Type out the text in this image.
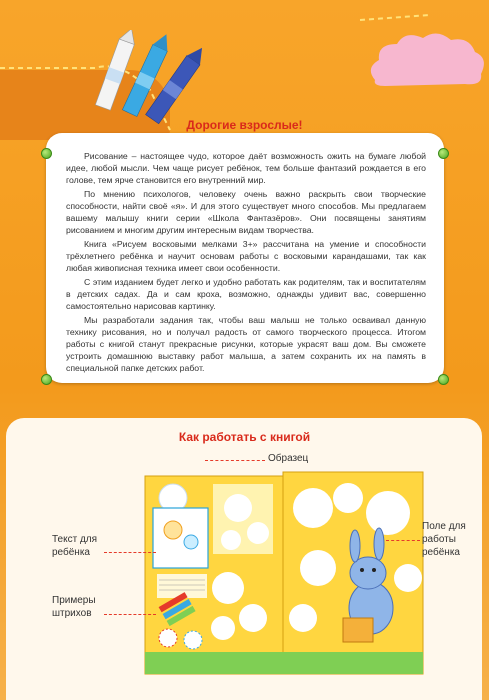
Дорогие взрослые!

Рисование – настоящее чудо, которое даёт возможность ожить на бумаге любой идее, любой мысли. Чем чаще рисует ребёнок, тем больше фантазий рождается в его голове, тем ярче становится его внутренний мир.

По мнению психологов, человеку очень важно раскрыть свои творческие способности, найти своё «я». И для этого существует много способов. Мы предлагаем вашему малышу книги серии «Школа Фантазёров». Они посвящены занятиям рисованием и многим другим интересным видам творчества.

Книга «Рисуем восковыми мелками 3+» рассчитана на умение и способности трёхлетнего ребёнка и научит основам работы с восковыми карандашами, так как любая живописная техника имеет свои особенности.

С этим изданием будет легко и удобно работать как родителям, так и воспитателям в детских садах. Да и сам кроха, возможно, однажды удивит вас, совершенно самостоятельно нарисовав картинку.

Мы разработали задания так, чтобы ваш малыш не только осваивал данную технику рисования, но и получал радость от самого творческого процесса. Итогом работы с книгой станут прекрасные рисунки, которые украсят ваш дом. Вы сможете устроить домашнюю выставку работ малыша, а затем сохранить их на память в специальной папке детских работ.

Как работать с книгой
Образец
Текст для
ребёнка
Примеры
штрихов
Поле для
работы
ребёнка
